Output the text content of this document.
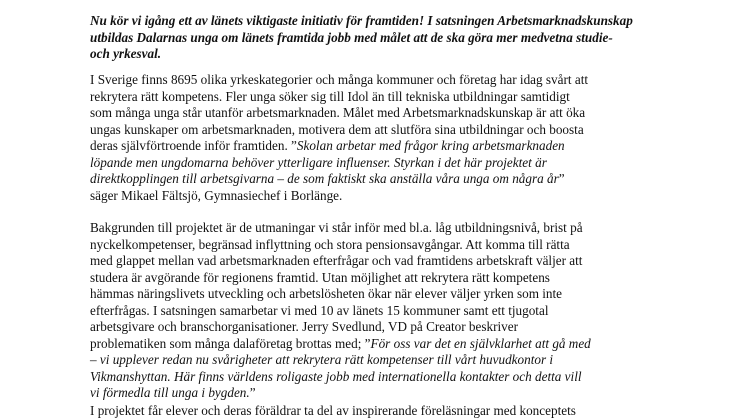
Nu kör vi igång ett av länets viktigaste initiativ för framtiden! I satsningen Arbetsmarknadskunskap
utbildas Dalarnas unga om länets framtida jobb med målet att de ska göra mer medvetna studie-
och yrkesval.
I Sverige finns 8695 olika yrkeskategorier och många kommuner och företag har idag svårt att
rekrytera rätt kompetens. Fler unga söker sig till Idol än till tekniska utbildningar samtidigt
som många unga står utanför arbetsmarknaden. Målet med Arbetsmarknadskunskap är att öka
ungas kunskaper om arbetsmarknaden, motivera dem att slutföra sina utbildningar och boosta
deras självförtroende inför framtiden. ”Skolan arbetar med frågor kring arbetsmarknaden
löpande men ungdomarna behöver ytterligare influenser. Styrkan i det här projektet är
direktkopplingen till arbetsgivarna – de som faktiskt ska anställa våra unga om några år”
säger Mikael Fältsjö, Gymnasiechef i Borlänge.
Bakgrunden till projektet är de utmaningar vi står inför med bl.a. låg utbildningsnivå, brist på
nyckelkompetenser, begränsad inflyttning och stora pensionsavgångar. Att komma till rätta
med glappet mellan vad arbetsmarknaden efterfrågar och vad framtidens arbetskraft väljer att
studera är avgörande för regionens framtid. Utan möjlighet att rekrytera rätt kompetens
hämmas näringslivets utveckling och arbetslösheten ökar när elever väljer yrken som inte
efterfrågas. I satsningen samarbetar vi med 10 av länets 15 kommuner samt ett tjugotal
arbetsgivare och branschorganisationer. Jerry Svedlund, VD på Creator beskriver
problematiken som många dalaföretag brottas med; ”För oss var det en självklarhet att gå med
– vi upplever redan nu svårigheter att rekrytera rätt kompetenser till vårt huvudkontor i
Vikmanshyttan. Här finns världens roligaste jobb med internationella kontakter och detta vill
vi förmedla till unga i bygden.”
I projektet får elever och deras föräldrar ta del av inspirerande föreläsningar med konceptets
